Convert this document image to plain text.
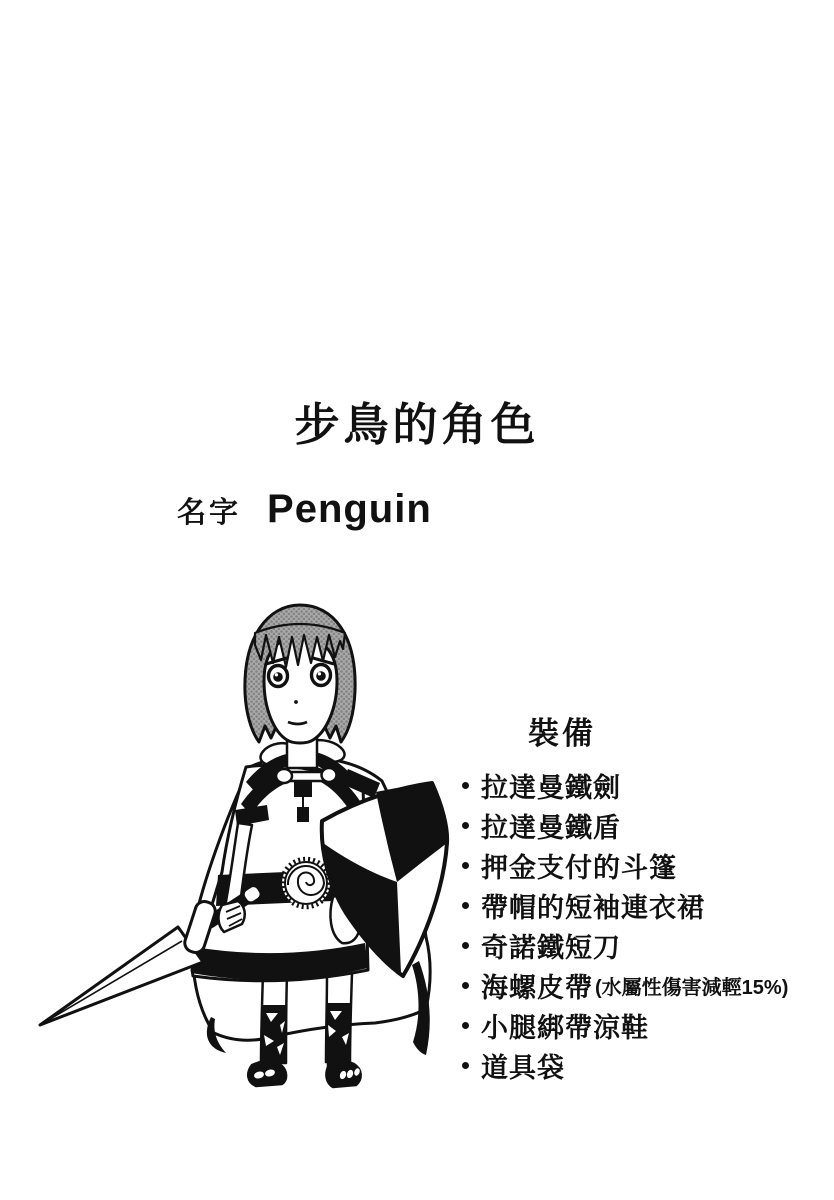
步鳥的角色
名字 Penguin
裝備
拉達曼鐵劍
拉達曼鐵盾
押金支付的斗篷
帶帽的短袖連衣裙
奇諾鐵短刀
海螺皮帶 (水屬性傷害減輕15%)
小腿綁帶涼鞋
道具袋
